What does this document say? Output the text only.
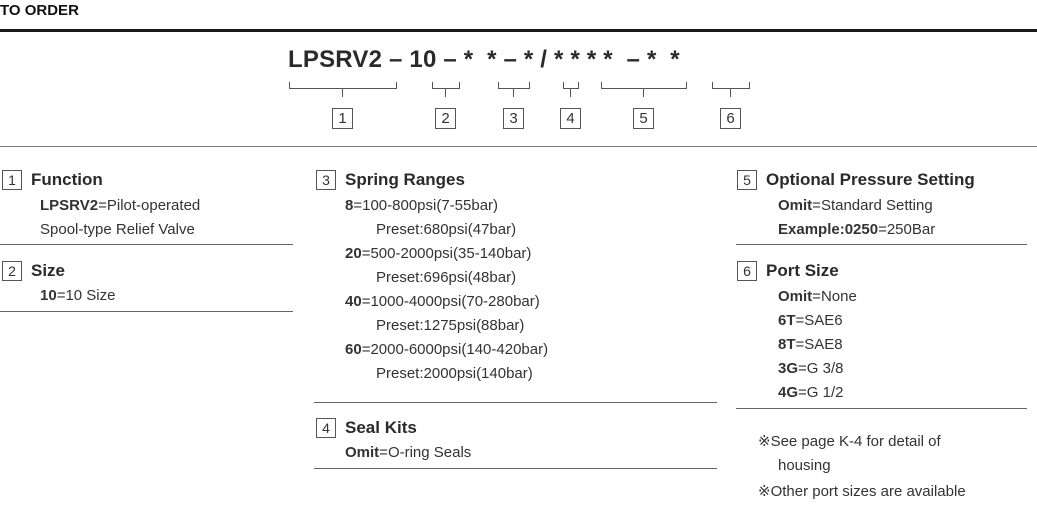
TO ORDER
LPSRV2 – 10 – *  * – * / * * * *  – *  *
1	2	3	4	5	6
1 Function
LPSRV2=Pilot-operated
Spool-type Relief Valve
2 Size
10=10 Size
3 Spring Ranges
8=100-800psi(7-55bar)
Preset:680psi(47bar)
20=500-2000psi(35-140bar)
Preset:696psi(48bar)
40=1000-4000psi(70-280bar)
Preset:1275psi(88bar)
60=2000-6000psi(140-420bar)
Preset:2000psi(140bar)
4 Seal Kits
Omit=O-ring Seals
5 Optional Pressure Setting
Omit=Standard Setting
Example:0250=250Bar
6 Port Size
Omit=None
6T=SAE6
8T=SAE8
3G=G 3/8
4G=G 1/2
※See page K-4 for detail of
housing
※Other port sizes are available
